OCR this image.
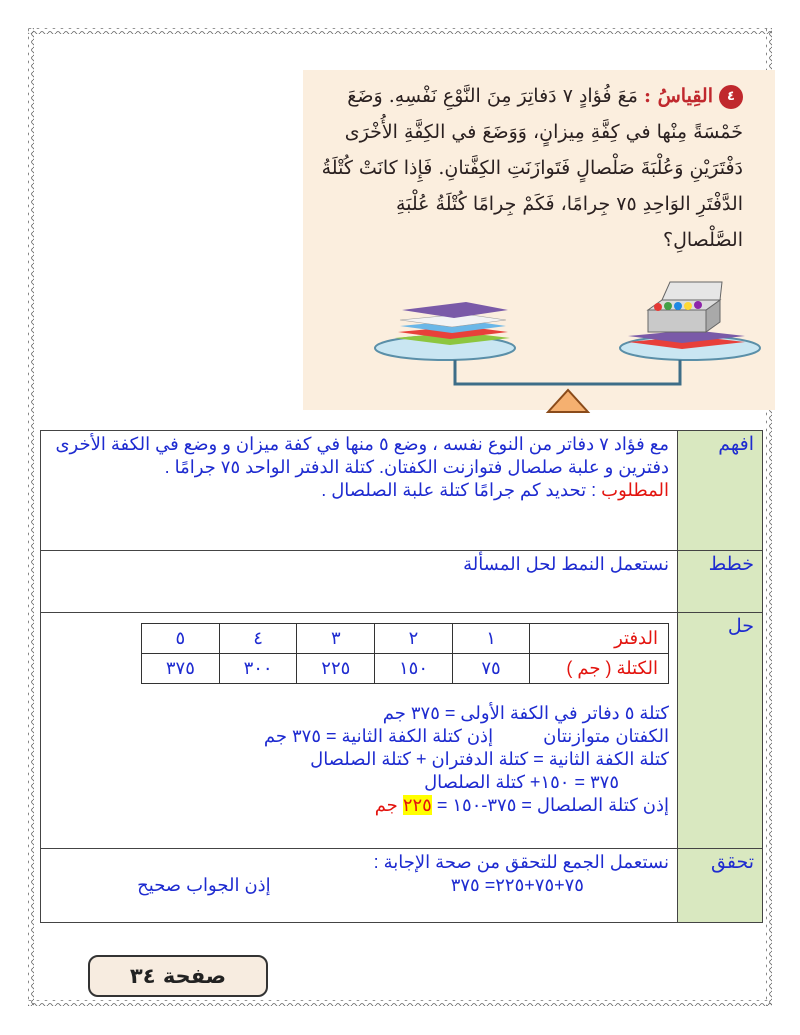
٤القِياسُ : مَعَ فُؤادٍ ٧ دَفاتِرَ مِنَ النَّوْعِ نَفْسِهِ. وَضَعَ خَمْسَةً مِنْها في كِفَّةِ مِيزانٍ، وَوَضَعَ في الكِفَّةِ الأُخْرَى دَفْتَرَيْنِ وَعُلْبَةَ صَلْصالٍ فَتَوازَنَتِ الكِفَّتانِ. فَإِذا كانَتْ كُتْلَةُ الدَّفْتَرِ الوَاحِدِ ٧٥ جِرامًا، فَكَمْ جِرامًا كُتْلَةُ عُلْبَةِ الصَّلْصالِ؟
مع فؤاد ٧ دفاتر من النوع نفسه ، وضع ٥ منها في كفة ميزان و وضع في الكفة الأخرى دفترين و علبة صلصال فتوازنت الكفتان. كتلة الدفتر الواحد ٧٥ جرامًا .
المطلوب : تحديد كم جرامًا كتلة علبة الصلصال .	افهم
نستعمل النمط لحل المسألة	خطط

الدفتر	١	٢	٣	٤	٥
الكتلة ( جم )	٧٥	١٥٠	٢٢٥	٣٠٠	٣٧٥
كتلة ٥ دفاتر في الكفة الأولى = ٣٧٥ جم
الكفتان متوازنتان  إذن كتلة الكفة الثانية = ٣٧٥ جم
كتلة الكفة الثانية = كتلة الدفتران + كتلة الصلصال
٣٧٥ = ١٥٠+ كتلة الصلصال
إذن كتلة الصلصال = ٣٧٥-١٥٠ = ٢٢٥ جم
	حل

نستعمل الجمع للتحقق من صحة الإجابة :
٧٥+٧٥+٢٢٥= ٣٧٥  إذن الجواب صحيح
	تحقق
صفحة ٣٤
